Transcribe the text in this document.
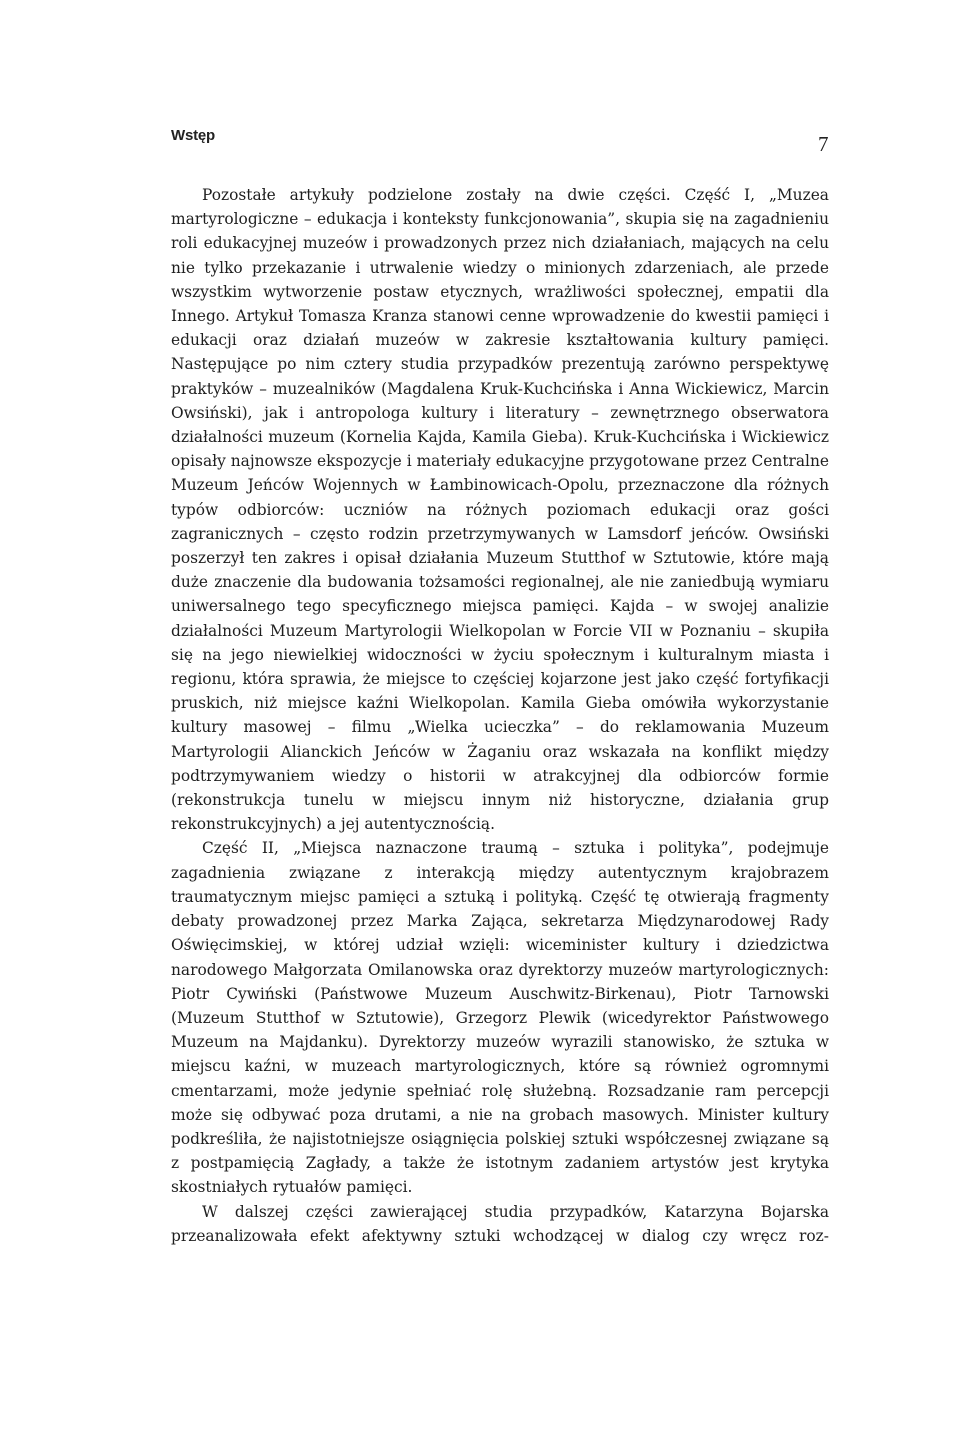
Wstęp	7

Pozostałe artykuły podzielone zostały na dwie części. Część I, „Muzea martyrologiczne – edukacja i konteksty funkcjonowania”, skupia się na zagadnieniu roli edukacyjnej muzeów i prowadzonych przez nich działaniach, mających na celu nie tylko przekazanie i utrwalenie wiedzy o minionych zdarzeniach, ale przede wszystkim wytworzenie postaw etycznych, wrażliwości społecznej, empatii dla Innego. Artykuł Tomasza Kranza stanowi cenne wprowadzenie do kwestii pamięci i edukacji oraz działań muzeów w zakresie kształtowania kultury pamięci. Następujące po nim cztery studia przypadków prezentują zarówno perspektywę praktyków – muzealników (Magdalena Kruk-Kuchcińska i Anna Wickiewicz, Marcin Owsiński), jak i antropologa kultury i literatury – zewnętrznego obserwatora działalności muzeum (Kornelia Kajda, Kamila Gieba). Kruk-Kuchcińska i Wickiewicz opisały najnowsze ekspozycje i materiały edukacyjne przygotowane przez Centralne Muzeum Jeńców Wojennych w Łambinowicach-Opolu, przeznaczone dla różnych typów odbiorców: uczniów na różnych poziomach edukacji oraz gości zagranicznych – często rodzin przetrzymywanych w Lamsdorf jeńców. Owsiński poszerzył ten zakres i opisał działania Muzeum Stutthof w Sztutowie, które mają duże znaczenie dla budowania tożsamości regionalnej, ale nie zaniedbują wymiaru uniwersalnego tego specyficznego miejsca pamięci. Kajda – w swojej analizie działalności Muzeum Martyrologii Wielkopolan w Forcie VII w Poznaniu – skupiła się na jego niewielkiej widoczności w życiu społecznym i kulturalnym miasta i regionu, która sprawia, że miejsce to częściej kojarzone jest jako część fortyfikacji pruskich, niż miejsce kaźni Wielkopolan. Kamila Gieba omówiła wykorzystanie kultury masowej – filmu „Wielka ucieczka” – do reklamowania Muzeum Martyrologii Alianckich Jeńców w Żaganiu oraz wskazała na konflikt między podtrzymywaniem wiedzy o historii w atrakcyjnej dla odbiorców formie (rekonstrukcja tunelu w miejscu innym niż historyczne, działania grup rekonstrukcyjnych) a jej autentycznością.

Część II, „Miejsca naznaczone traumą – sztuka i polityka”, podejmuje zagadnienia związane z interakcją między autentycznym krajobrazem traumatycznym miejsc pamięci a sztuką i polityką. Część tę otwierają fragmenty debaty prowadzonej przez Marka Zająca, sekretarza Międzynarodowej Rady Oświęcimskiej, w której udział wzięli: wiceminister kultury i dziedzictwa narodowego Małgorzata Omilanowska oraz dyrektorzy muzeów martyrologicznych: Piotr Cywiński (Państwowe Muzeum Auschwitz-Birkenau), Piotr Tarnowski (Muzeum Stutthof w Sztutowie), Grzegorz Plewik (wicedyrektor Państwowego Muzeum na Majdanku). Dyrektorzy muzeów wyrazili stanowisko, że sztuka w miejscu kaźni, w muzeach martyrologicznych, które są również ogromnymi cmentarzami, może jedynie spełniać rolę służebną. Rozsadzanie ram percepcji może się odbywać poza drutami, a nie na grobach masowych. Minister kultury podkreśliła, że najistotniejsze osiągnięcia polskiej sztuki współczesnej związane są z postpamięcią Zagłady, a także że istotnym zadaniem artystów jest krytyka skostniałych rytuałów pamięci.

W dalszej części zawierającej studia przypadków, Katarzyna Bojarska przeanalizowała efekt afektywny sztuki wchodzącej w dialog czy wręcz roz-
